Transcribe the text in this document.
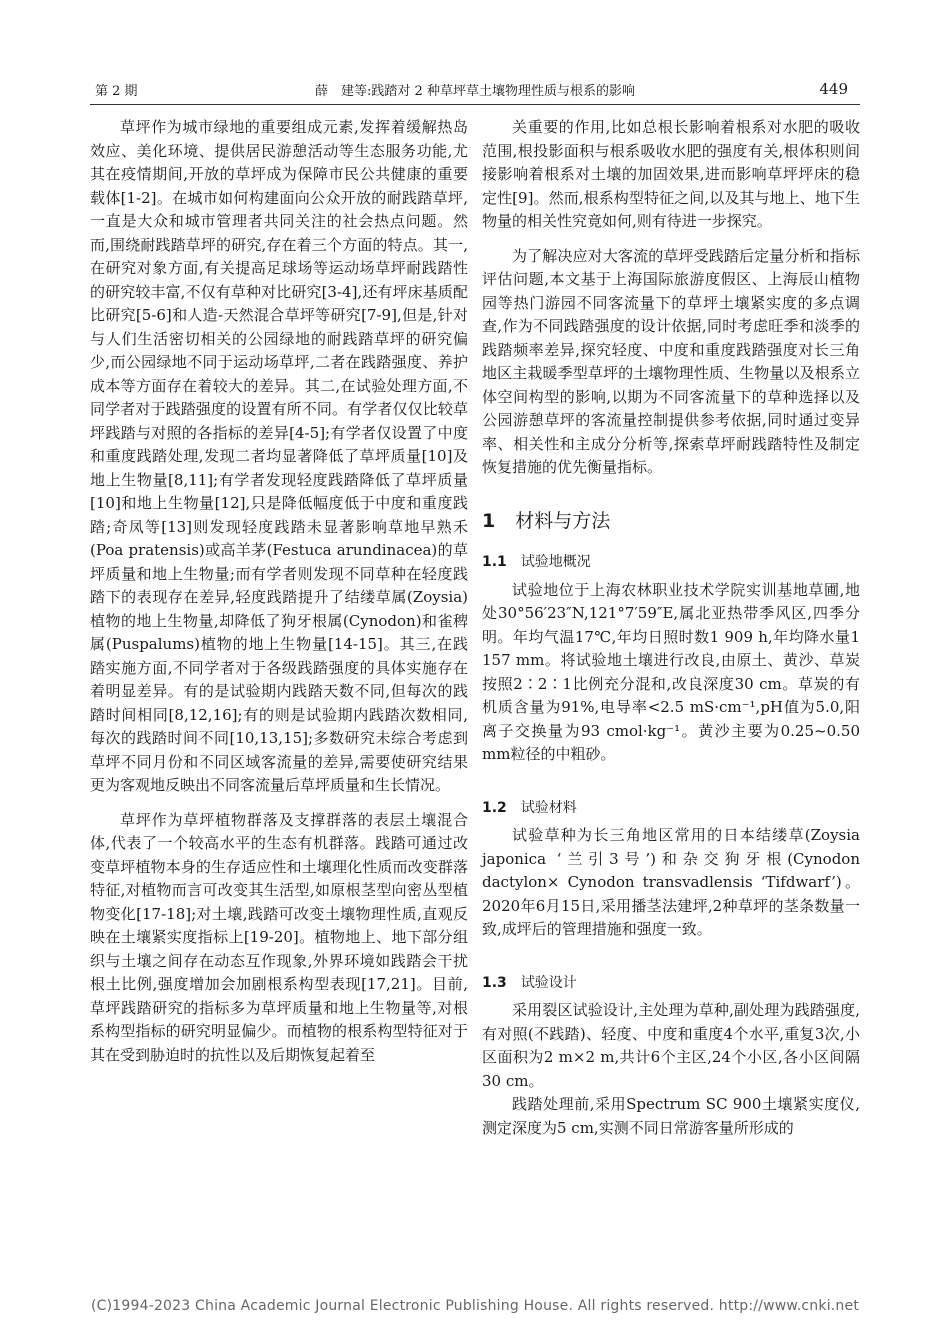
第 2 期	薛　建等:践踏对 2 种草坪草土壤物理性质与根系的影响	449

草坪作为城市绿地的重要组成元素,发挥着缓解热岛效应、美化环境、提供居民游憩活动等生态服务功能,尤其在疫情期间,开放的草坪成为保障市民公共健康的重要载体[1-2]。在城市如何构建面向公众开放的耐践踏草坪,一直是大众和城市管理者共同关注的社会热点问题。然而,围绕耐践踏草坪的研究,存在着三个方面的特点。其一,在研究对象方面,有关提高足球场等运动场草坪耐践踏性的研究较丰富,不仅有草种对比研究[3-4],还有坪床基质配比研究[5-6]和人造-天然混合草坪等研究[7-9],但是,针对与人们生活密切相关的公园绿地的耐践踏草坪的研究偏少,而公园绿地不同于运动场草坪,二者在践踏强度、养护成本等方面存在着较大的差异。其二,在试验处理方面,不同学者对于践踏强度的设置有所不同。有学者仅仅比较草坪践踏与对照的各指标的差异[4-5];有学者仅设置了中度和重度践踏处理,发现二者均显著降低了草坪质量[10]及地上生物量[8,11];有学者发现轻度践踏降低了草坪质量[10]和地上生物量[12],只是降低幅度低于中度和重度践踏;奇凤等[13]则发现轻度践踏未显著影响草地早熟禾(Poa pratensis)或高羊茅(Festuca arundinacea)的草坪质量和地上生物量;而有学者则发现不同草种在轻度践踏下的表现存在差异,轻度践踏提升了结缕草属(Zoysia)植物的地上生物量,却降低了狗牙根属(Cynodon)和雀稗属(Puspalums)植物的地上生物量[14-15]。其三,在践踏实施方面,不同学者对于各级践踏强度的具体实施存在着明显差异。有的是试验期内践踏天数不同,但每次的践踏时间相同[8,12,16];有的则是试验期内践踏次数相同,每次的践踏时间不同[10,13,15];多数研究未综合考虑到草坪不同月份和不同区域客流量的差异,需要使研究结果更为客观地反映出不同客流量后草坪质量和生长情况。

草坪作为草坪植物群落及支撑群落的表层土壤混合体,代表了一个较高水平的生态有机群落。践踏可通过改变草坪植物本身的生存适应性和土壤理化性质而改变群落特征,对植物而言可改变其生活型,如原根茎型向密丛型植物变化[17-18];对土壤,践踏可改变土壤物理性质,直观反映在土壤紧实度指标上[19-20]。植物地上、地下部分组织与土壤之间存在动态互作现象,外界环境如践踏会干扰根土比例,强度增加会加剧根系构型表现[17,21]。目前,草坪践踏研究的指标多为草坪质量和地上生物量等,对根系构型指标的研究明显偏少。而植物的根系构型特征对于其在受到胁迫时的抗性以及后期恢复起着至

关重要的作用,比如总根长影响着根系对水肥的吸收范围,根投影面积与根系吸收水肥的强度有关,根体积则间接影响着根系对土壤的加固效果,进而影响草坪坪床的稳定性[9]。然而,根系构型特征之间,以及其与地上、地下生物量的相关性究竟如何,则有待进一步探究。

为了解决应对大客流的草坪受践踏后定量分析和指标评估问题,本文基于上海国际旅游度假区、上海辰山植物园等热门游园不同客流量下的草坪土壤紧实度的多点调查,作为不同践踏强度的设计依据,同时考虑旺季和淡季的践踏频率差异,探究轻度、中度和重度践踏强度对长三角地区主栽暖季型草坪的土壤物理性质、生物量以及根系立体空间构型的影响,以期为不同客流量下的草种选择以及公园游憩草坪的客流量控制提供参考依据,同时通过变异率、相关性和主成分分析等,探索草坪耐践踏特性及制定恢复措施的优先衡量指标。

1 材料与方法
1.1 试验地概况

试验地位于上海农林职业技术学院实训基地草圃,地处30°56′23″N,121°7′59″E,属北亚热带季风区,四季分明。年均气温17℃,年均日照时数1 909 h,年均降水量1 157 mm。将试验地土壤进行改良,由原土、黄沙、草炭按照2∶2∶1比例充分混和,改良深度30 cm。草炭的有机质含量为91%,电导率<2.5 mS·cm⁻¹,pH值为5.0,阳离子交换量为93 cmol·kg⁻¹。黄沙主要为0.25~0.50 mm粒径的中粗砂。

1.2 试验材料

试验草种为长三角地区常用的日本结缕草(Zoysia japonica ‘兰引3号’)和杂交狗牙根(Cynodon dactylon× Cynodon transvadlensis ‘Tifdwarf’)。2020年6月15日,采用播茎法建坪,2种草坪的茎条数量一致,成坪后的管理措施和强度一致。

1.3 试验设计

采用裂区试验设计,主处理为草种,副处理为践踏强度,有对照(不践踏)、轻度、中度和重度4个水平,重复3次,小区面积为2 m×2 m,共计6个主区,24个小区,各小区间隔30 cm。

践踏处理前,采用Spectrum SC 900土壤紧实度仪,测定深度为5 cm,实测不同日常游客量所形成的

(C)1994-2023 China Academic Journal Electronic Publishing House. All rights reserved. http://www.cnki.net
